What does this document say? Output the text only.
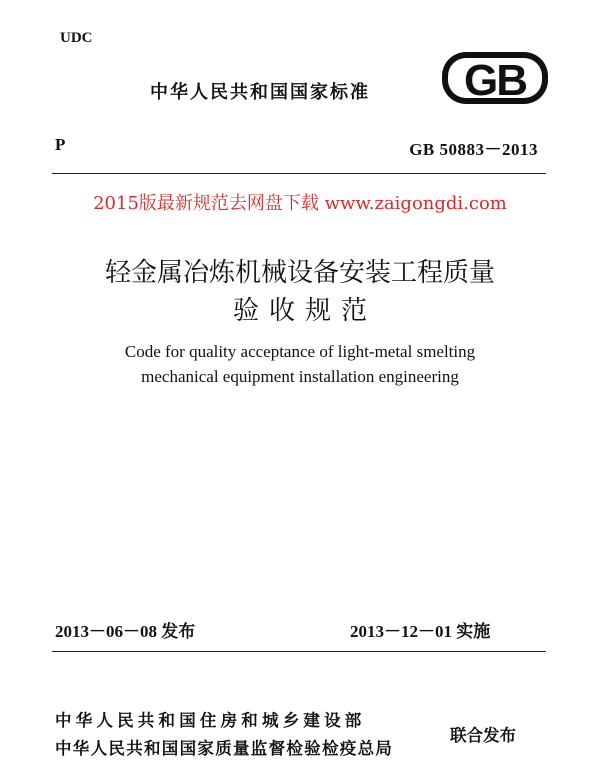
UDC
中华人民共和国国家标准 GB
P	GB 50883－2013
2015版最新规范去网盘下载 www.zaigongdi.com
轻金属冶炼机械设备安装工程质量
验收规范
Code for quality acceptance of light-metal smelting
mechanical equipment installation engineering
2013－06－08 发布	2013－12－01 实施
中华人民共和国住房和城乡建设部
中华人民共和国国家质量监督检验检疫总局
联合发布
